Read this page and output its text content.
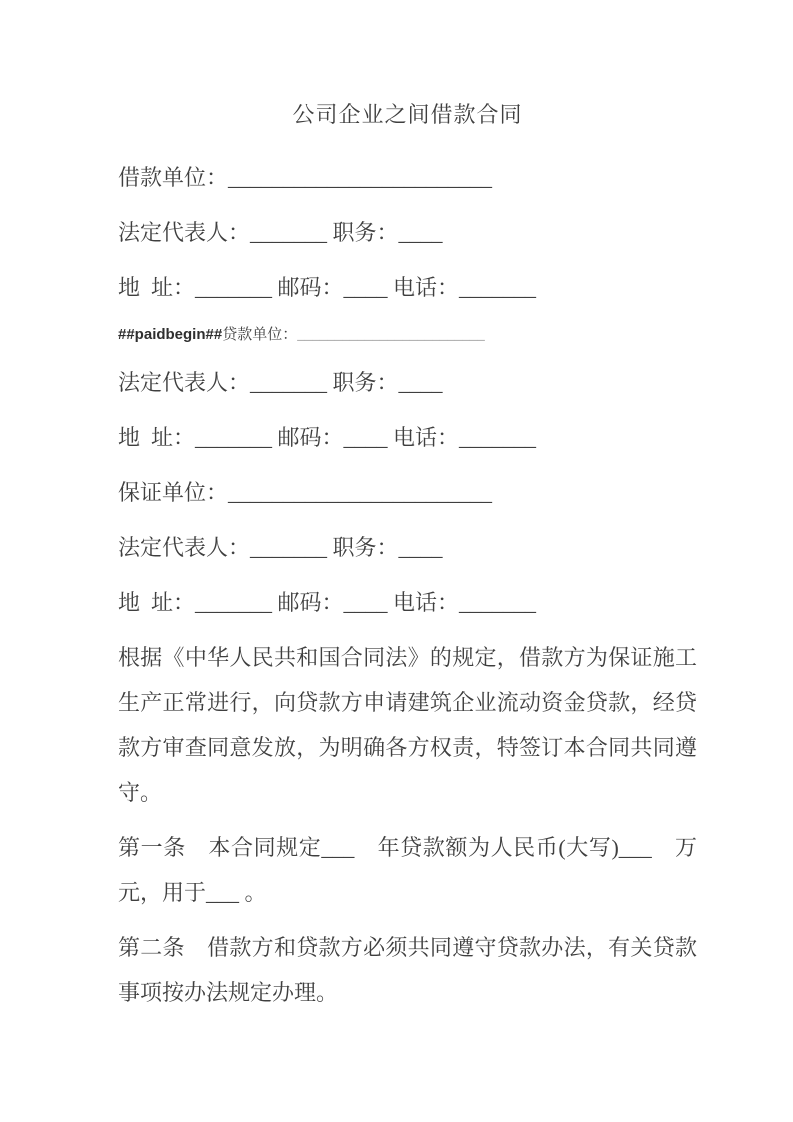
公司企业之间借款合同

借款单位：________________________

法定代表人：_______ 职务：____

地 址：_______ 邮码：____ 电话：_______

##paidbegin##贷款单位：_________________________

法定代表人：_______ 职务：____

地 址：_______ 邮码：____ 电话：_______

保证单位：________________________

法定代表人：_______ 职务：____

地 址：_______ 邮码：____ 电话：_______

根据《中华人民共和国合同法》的规定，借款方为保证施工生产正常进行，向贷款方申请建筑企业流动资金贷款，经贷款方审查同意发放，为明确各方权责，特签订本合同共同遵守。

第一条　本合同规定___　年贷款额为人民币(大写)___　万元，用于___ 。

第二条　借款方和贷款方必须共同遵守贷款办法，有关贷款事项按办法规定办理。
